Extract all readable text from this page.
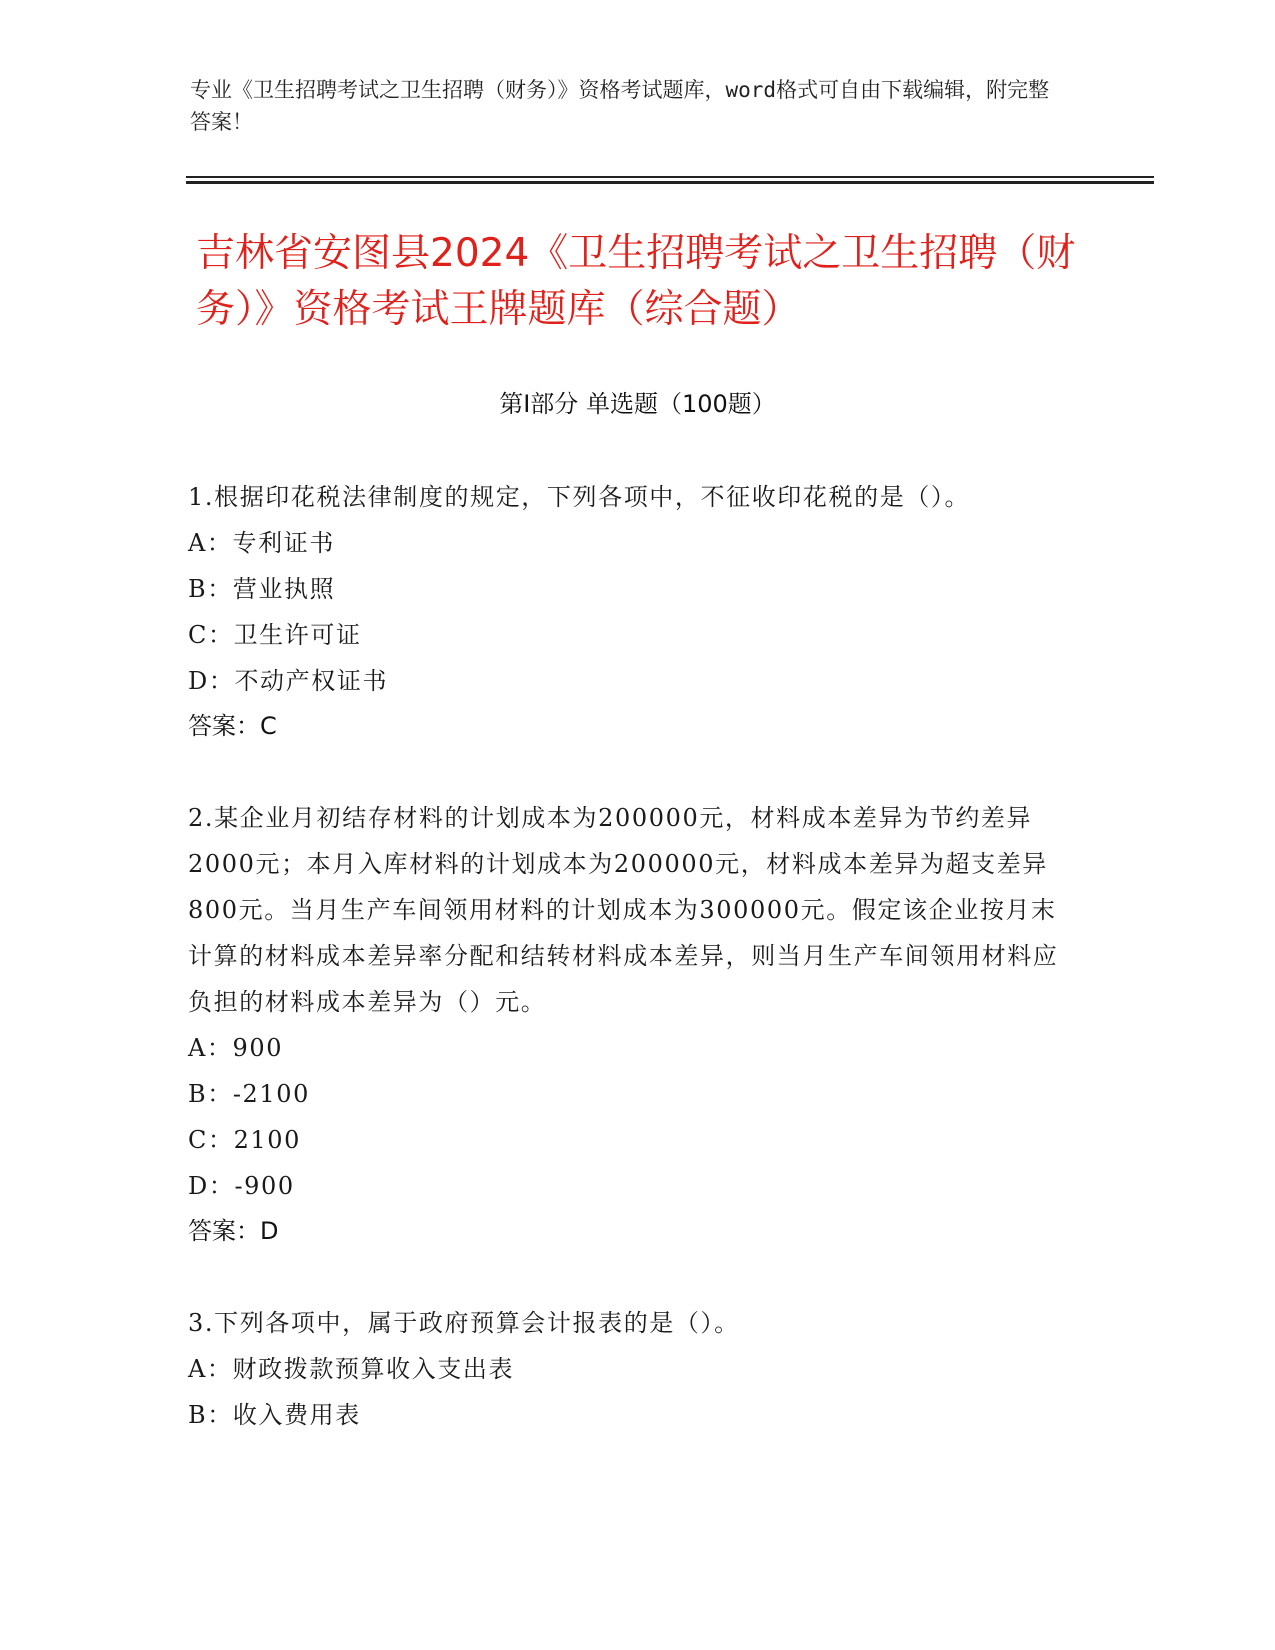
专业《卫生招聘考试之卫生招聘（财务）》资格考试题库，word格式可自由下载编辑，附完整答案！
吉林省安图县2024《卫生招聘考试之卫生招聘（财务）》资格考试王牌题库（综合题）
第Ⅰ部分 单选题（100题）

1.根据印花税法律制度的规定，下列各项中，不征收印花税的是（）。

A：专利证书

B：营业执照

C：卫生许可证

D：不动产权证书

答案：C

2.某企业月初结存材料的计划成本为200000元，材料成本差异为节约差异2000元；本月入库材料的计划成本为200000元，材料成本差异为超支差异800元。当月生产车间领用材料的计划成本为300000元。假定该企业按月末计算的材料成本差异率分配和结转材料成本差异，则当月生产车间领用材料应负担的材料成本差异为（）元。

A：900

B：-2100

C：2100

D：-900

答案：D

3.下列各项中，属于政府预算会计报表的是（）。

A：财政拨款预算收入支出表

B：收入费用表
